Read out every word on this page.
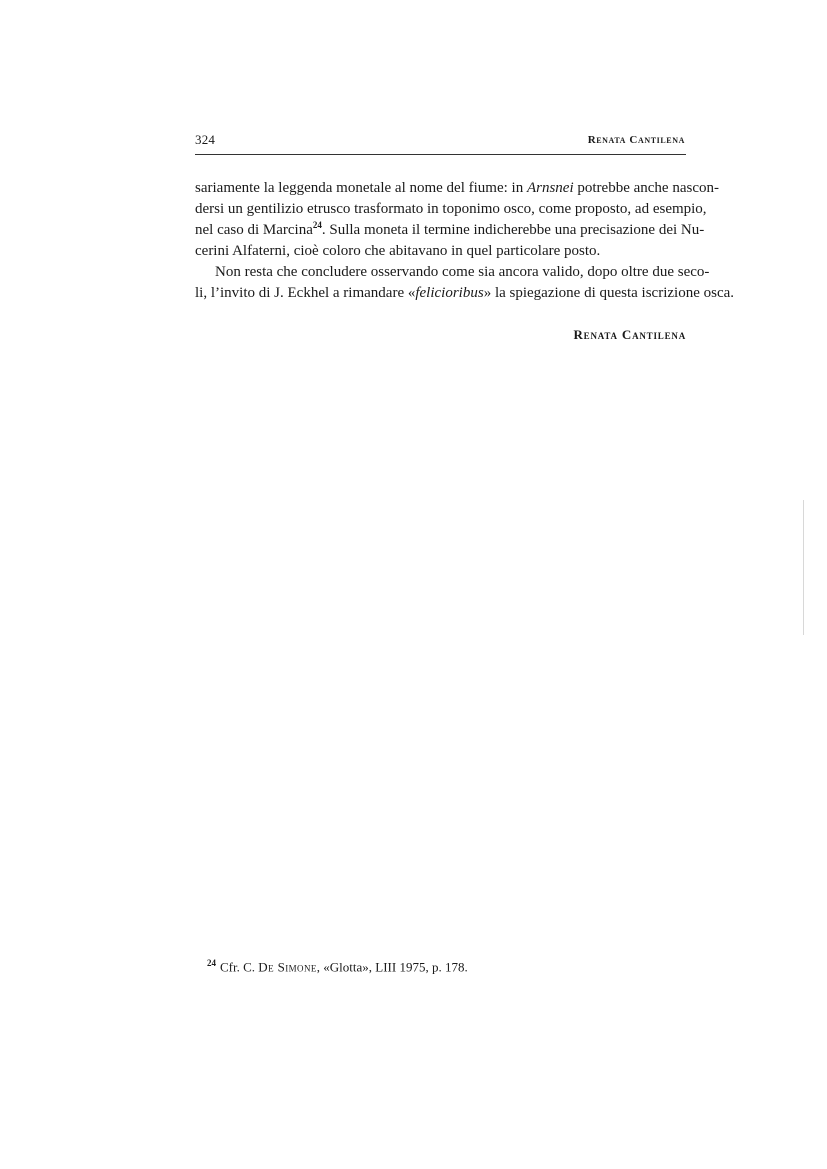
324	Renata Cantilena
sariamente la leggenda monetale al nome del fiume: in Arnsnei potrebbe anche nascon-
dersi un gentilizio etrusco trasformato in toponimo osco, come proposto, ad esempio,
nel caso di Marcina$^{24}$. Sulla moneta il termine indicherebbe una precisazione dei Nu-
cerini Alfaterni, cioè coloro che abitavano in quel particolare posto.
Non resta che concludere osservando come sia ancora valido, dopo oltre due seco-
li, l’invito di J. Eckhel a rimandare «felicioribus» la spiegazione di questa iscrizione osca.
Renata Cantilena
$^{24}$ Cfr. C. De Simone, «Glotta», LIII 1975, p. 178.
